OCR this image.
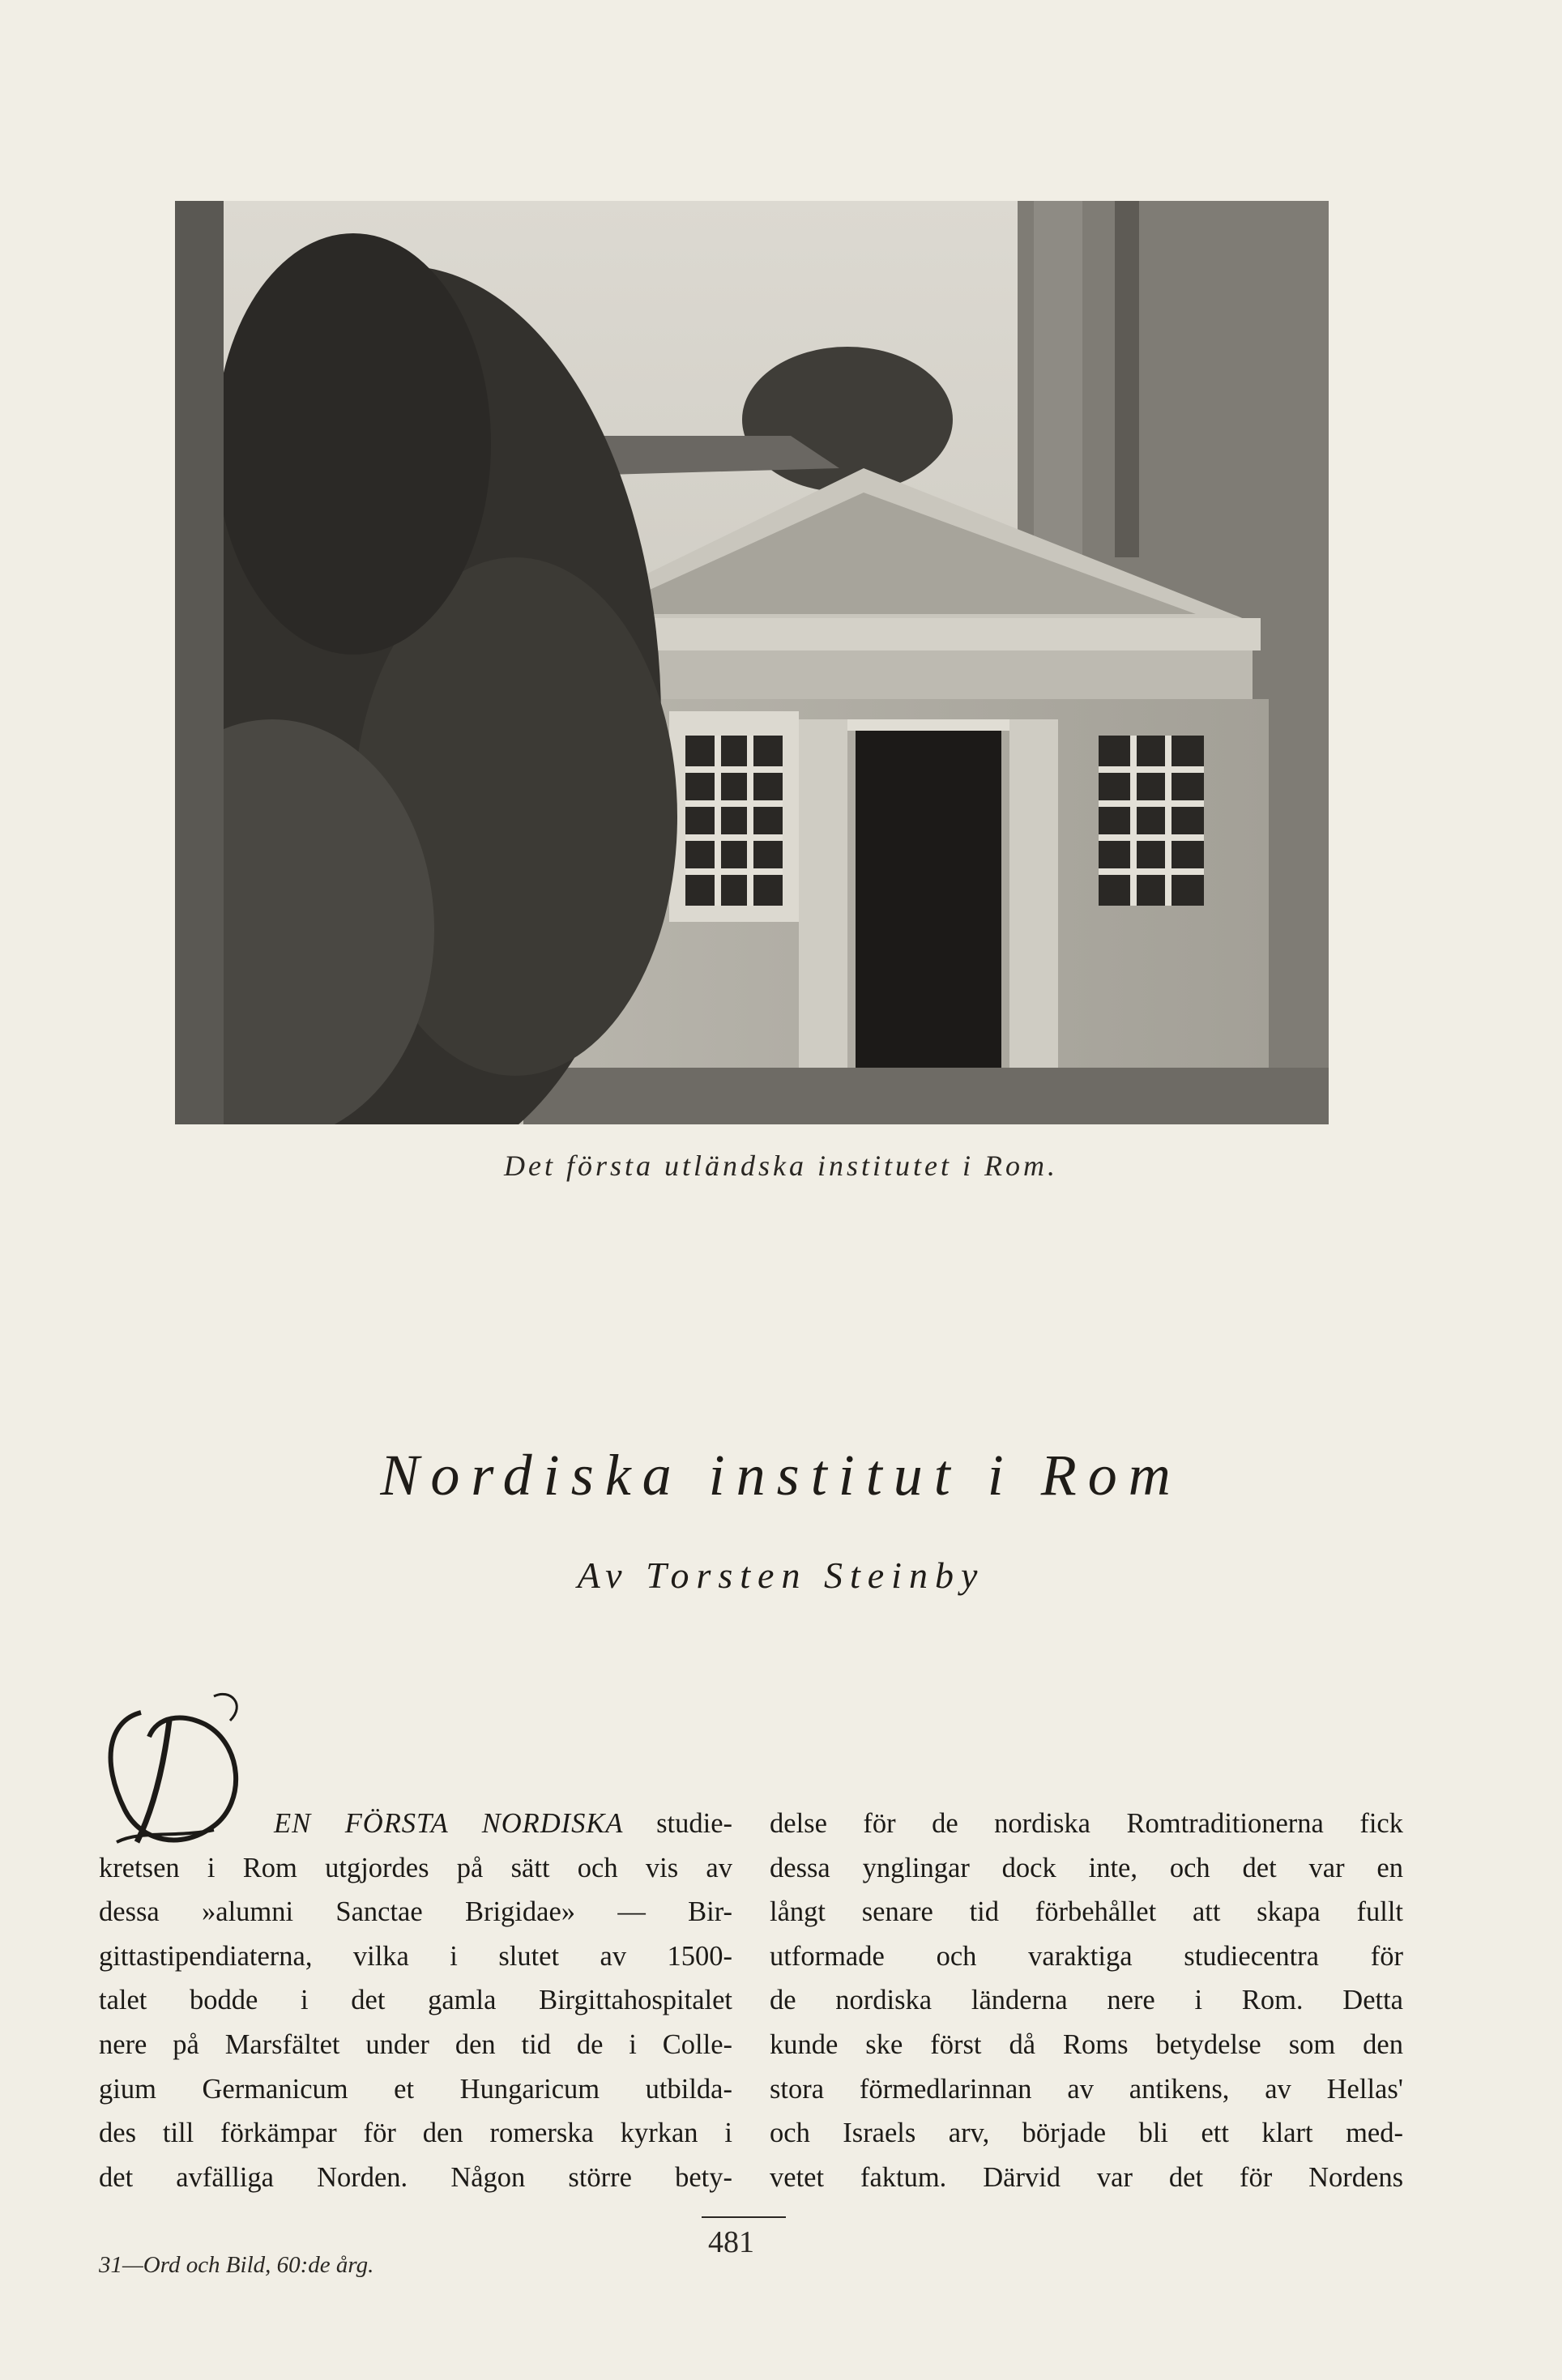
Det första utländska institutet i Rom.
Nordiska institut i Rom
Av Torsten Steinby
D
EN FÖRSTA NORDISKA studie-
kretsen i Rom utgjordes på sätt och vis av
dessa »alumni Sanctae Brigidae» — Bir-
gittastipendiaterna, vilka i slutet av 1500-
talet bodde i det gamla Birgittahospitalet
nere på Marsfältet under den tid de i Colle-
gium Germanicum et Hungaricum utbilda-
des till förkämpar för den romerska kyrkan i
det avfälliga Norden. Någon större bety-
delse för de nordiska Romtraditionerna fick
dessa ynglingar dock inte, och det var en
långt senare tid förbehållet att skapa fullt
utformade och varaktiga studiecentra för
de nordiska länderna nere i Rom. Detta
kunde ske först då Roms betydelse som den
stora förmedlarinnan av antikens, av Hellas'
och Israels arv, började bli ett klart med-
vetet faktum. Därvid var det för Nordens
31—Ord och Bild, 60:de årg.
481
